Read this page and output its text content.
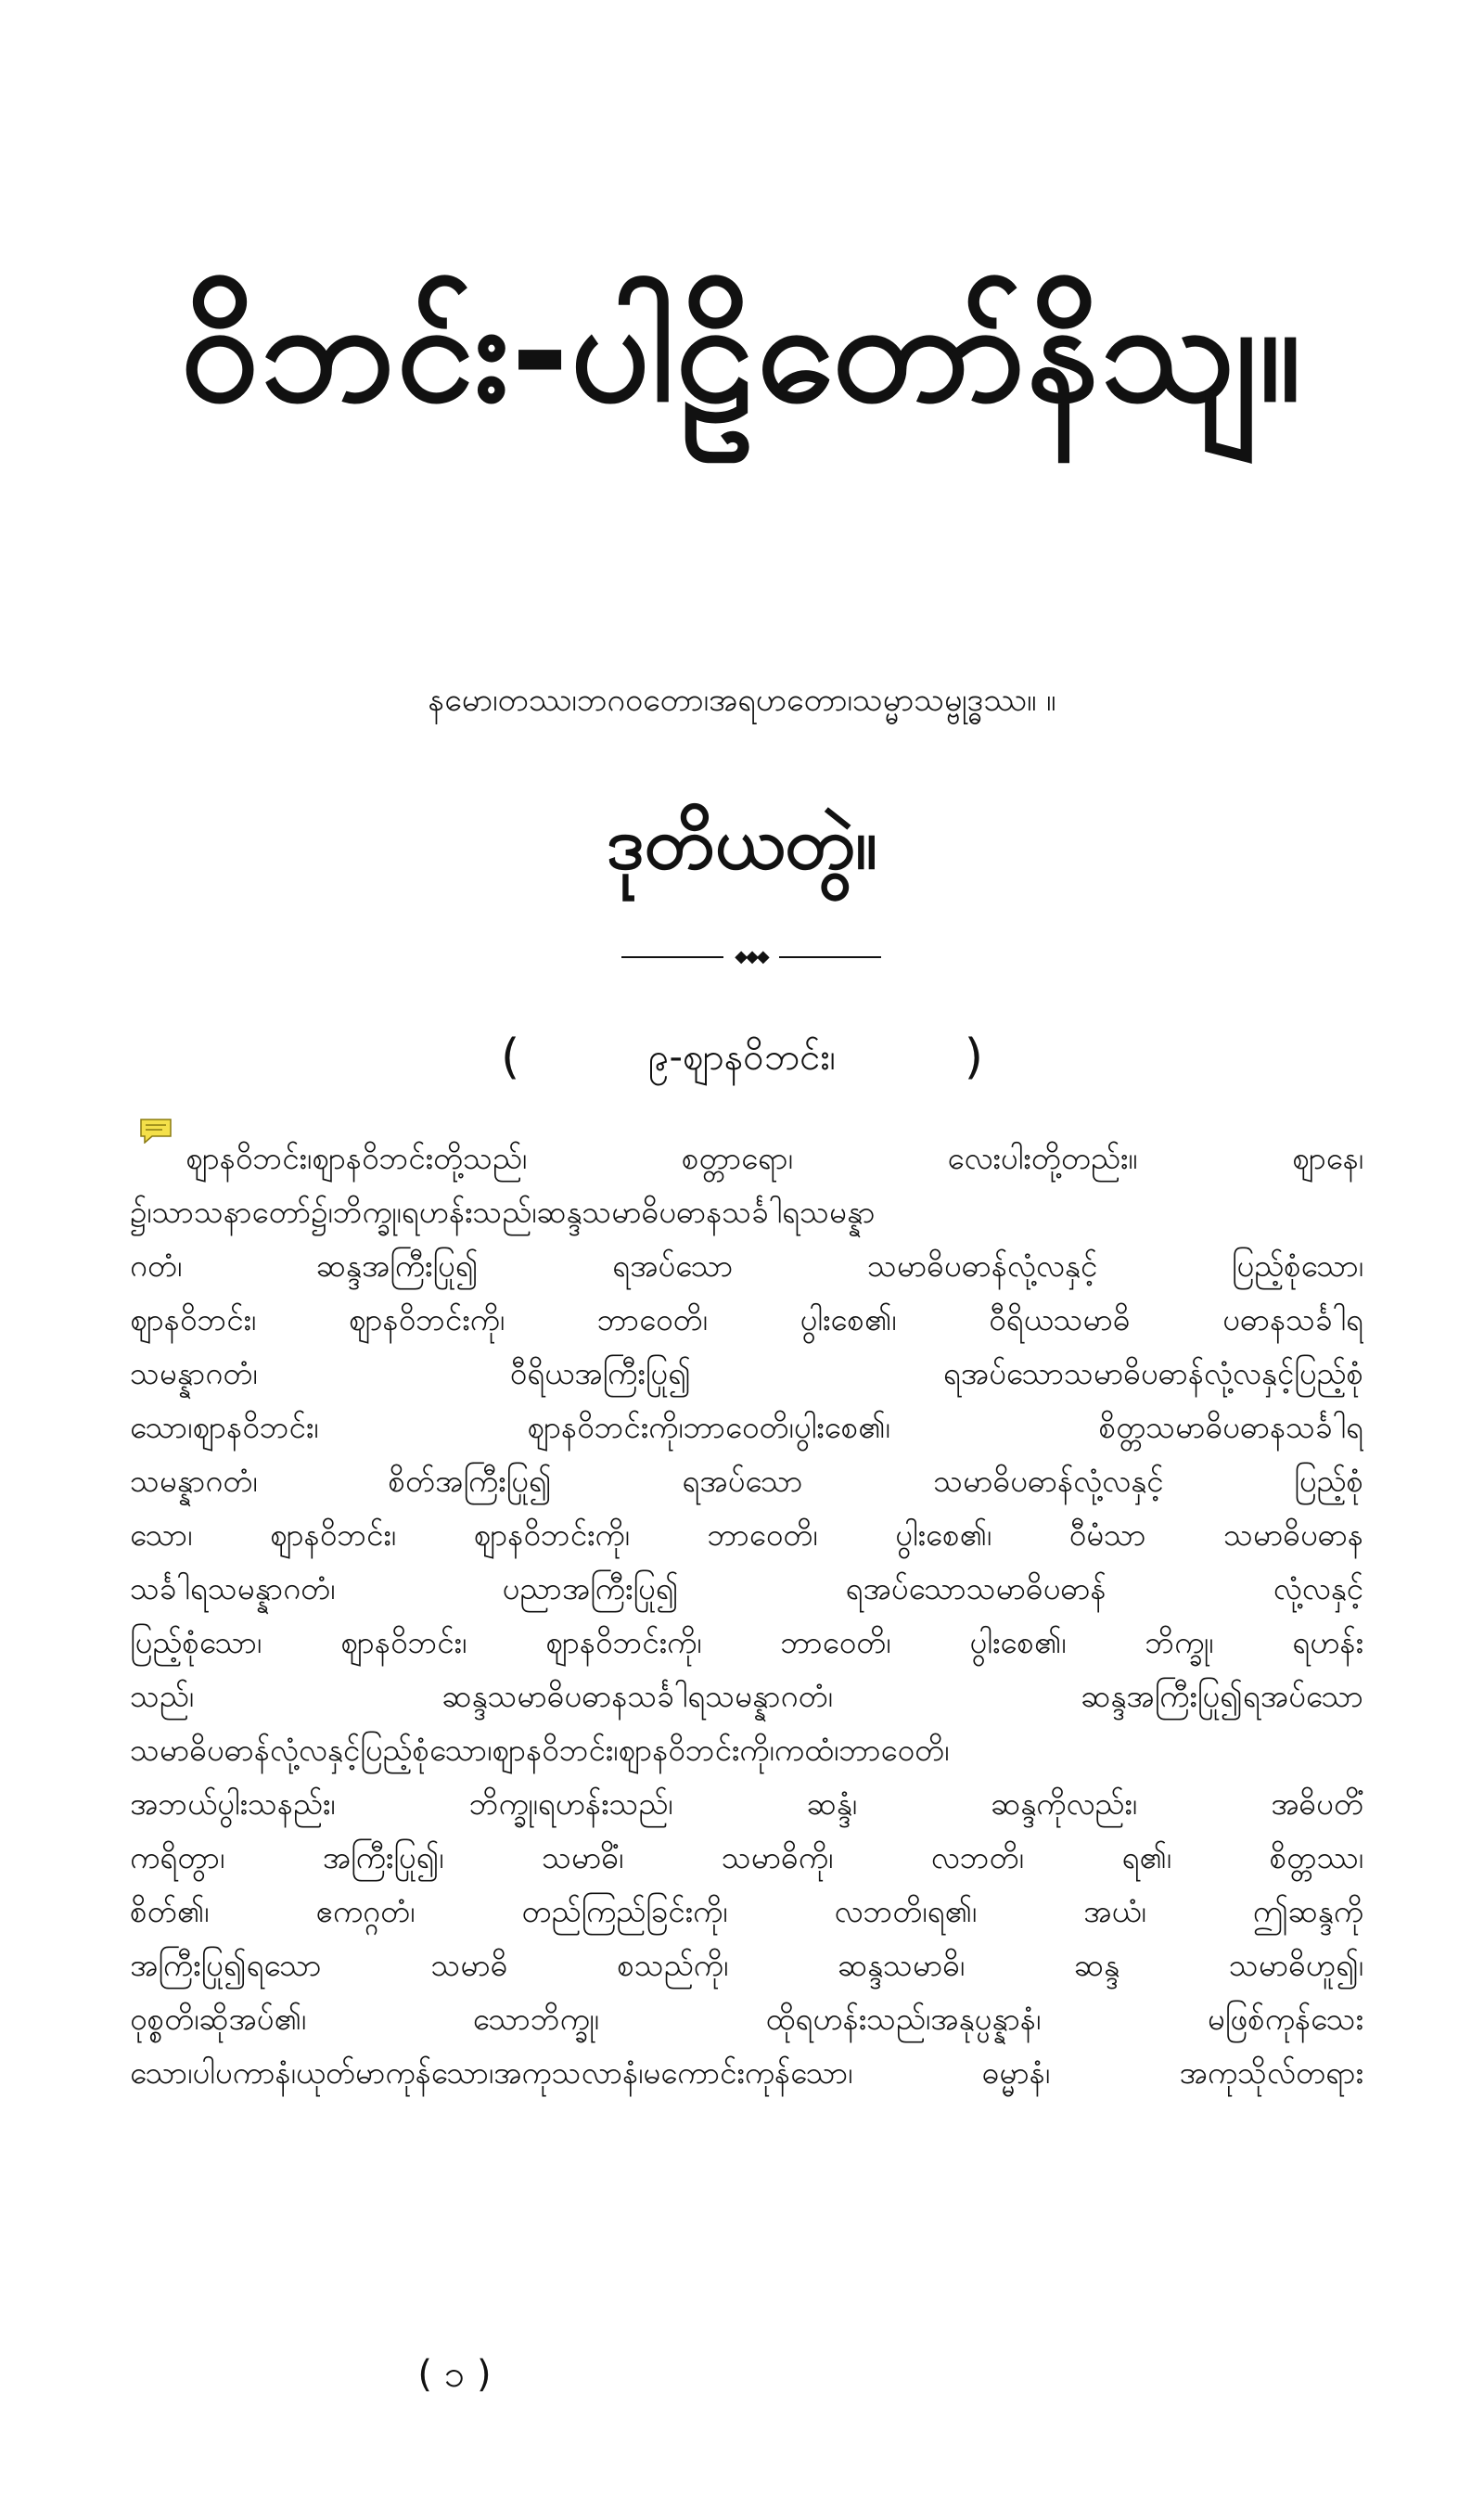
ဝိဘင်း-ပါဠိတော်နိသျ။
နမော၊တဿ၊ဘဂဝတော၊အရဟတော၊သမ္မာသမ္ဗုဒ္ဓဿ။ ။
ဒုတိယတွဲ။
◆◆◆
(	၉-ဈာနဝိဘင်း၊	)
ဈာနဝိဘင်း၊ဈာနဝိဘင်းတို့သည်၊ စတ္တာရော၊ လေးပါးတို့တည်း။ ဈာနေ၊
၌၊သာသနာတော်၌၊ဘိက္ခု၊ရဟန်းသည်၊ဆန္ဒသမာဓိပဓာနသင်္ခါရသမန္နာ
ဂတံ၊ ဆန္ဒအကြီးပြု၍ ရအပ်သော သမာဓိပဓာန်လုံ့လနှင့် ပြည့်စုံသော၊
ဈာနဝိဘင်း၊ ဈာနဝိဘင်းကို၊ ဘာဝေတိ၊ ပွါးစေ၏၊ ဝီရိယသမာဓိ ပဓာနသင်္ခါရ
သမန္နာဂတံ၊ ဝီရိယအကြီးပြု၍ ရအပ်သောသမာဓိပဓာန်လုံ့လနှင့်ပြည့်စုံ
သော၊ဈာနဝိဘင်း၊ ဈာနဝိဘင်းကို၊ဘာဝေတိ၊ပွါးစေ၏၊ စိတ္တသမာဓိပဓာနသင်္ခါရ
သမန္နာဂတံ၊ စိတ်အကြီးပြု၍ ရအပ်သော သမာဓိပဓာန်လုံ့လနှင့် ပြည့်စုံ
သော၊ ဈာနဝိဘင်း၊ ဈာနဝိဘင်းကို၊ ဘာဝေတိ၊ ပွါးစေ၏၊ ဝီမံသာ သမာဓိပဓာန
သင်္ခါရသမန္နာဂတံ၊ ပညာအကြီးပြု၍ ရအပ်သောသမာဓိပဓာန် လုံ့လနှင့်
ပြည့်စုံသော၊ ဈာနဝိဘင်း၊ ဈာနဝိဘင်းကို၊ ဘာဝေတိ၊ ပွါးစေ၏၊ ဘိက္ခု၊ ရဟန်း
သည်၊ ဆန္ဒသမာဓိပဓာနသင်္ခါရသမန္နာဂတံ၊ ဆန္ဒအကြီးပြု၍ရအပ်သော
သမာဓိပဓာန်လုံ့လနှင့်ပြည့်စုံသော၊ဈာနဝိဘင်း၊ဈာနဝိဘင်းကို၊ကထံ၊ဘာဝေတိ၊
အဘယ်ပွါးသနည်း၊ ဘိက္ခု၊ရဟန်းသည်၊ ဆန္ဒံ၊ ဆန္ဒကိုလည်း၊ အဓိပတိံ
ကရိတွာ၊ အကြီးပြု၍၊ သမာဓိံ၊ သမာဓိကို၊ လဘတိ၊ ရ၏၊ စိတ္တဿ၊
စိတ်၏၊ ဧကဂ္ဂတံ၊ တည်ကြည်ခြင်းကို၊ လဘတိ၊ရ၏၊ အယံ၊ ဤဆန္ဒကို
အကြီးပြု၍ရသော သမာဓိ စသည်ကို၊ ဆန္ဒသမာဓိ၊ ဆန္ဒ သမာဓိဟူ၍၊
ဝုစ္စတိ၊ဆိုအပ်၏၊ သောဘိက္ခု၊ ထိုရဟန်းသည်၊အနုပ္ပန္နာနံ၊ မဖြစ်ကုန်သေး
သော၊ပါပကာနံ၊ယုတ်မာကုန်သော၊အကုသလာနံ၊မကောင်းကုန်သော၊ ဓမ္မာနံ၊ အကုသိုလ်တရား
( ၁ )
